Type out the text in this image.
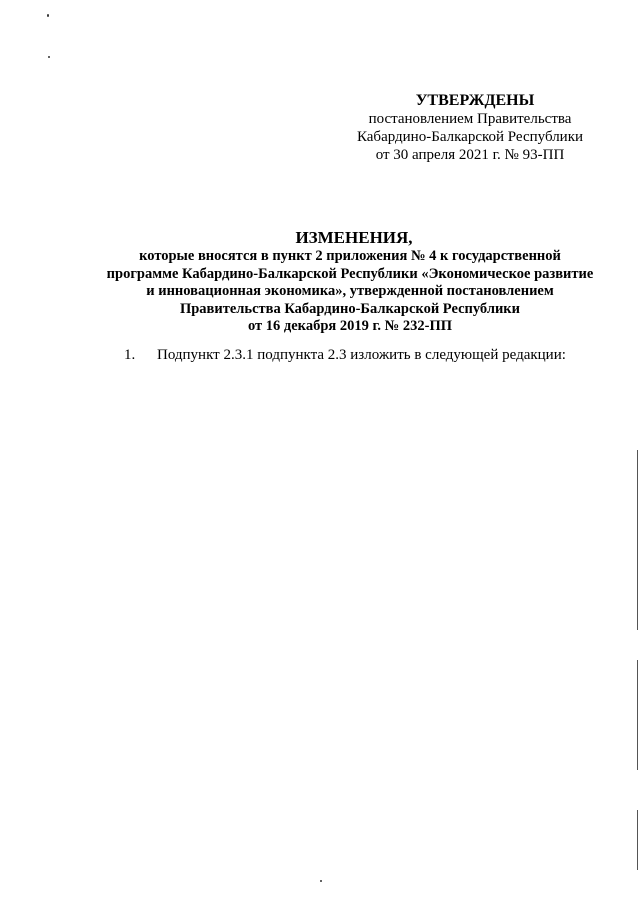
УТВЕРЖДЕНЫ
постановлением Правительства
Кабардино-Балкарской Республики
от 30 апреля 2021 г. № 93-ПП
ИЗМЕНЕНИЯ,
которые вносятся в пункт 2 приложения № 4 к государственной
программе Кабардино-Балкарской Республики «Экономическое развитие
и инновационная экономика», утвержденной постановлением
Правительства Кабардино-Балкарской Республики
от 16 декабря 2019 г. № 232-ПП
1. Подпункт 2.3.1 подпункта 2.3 изложить в следующей редакции:
